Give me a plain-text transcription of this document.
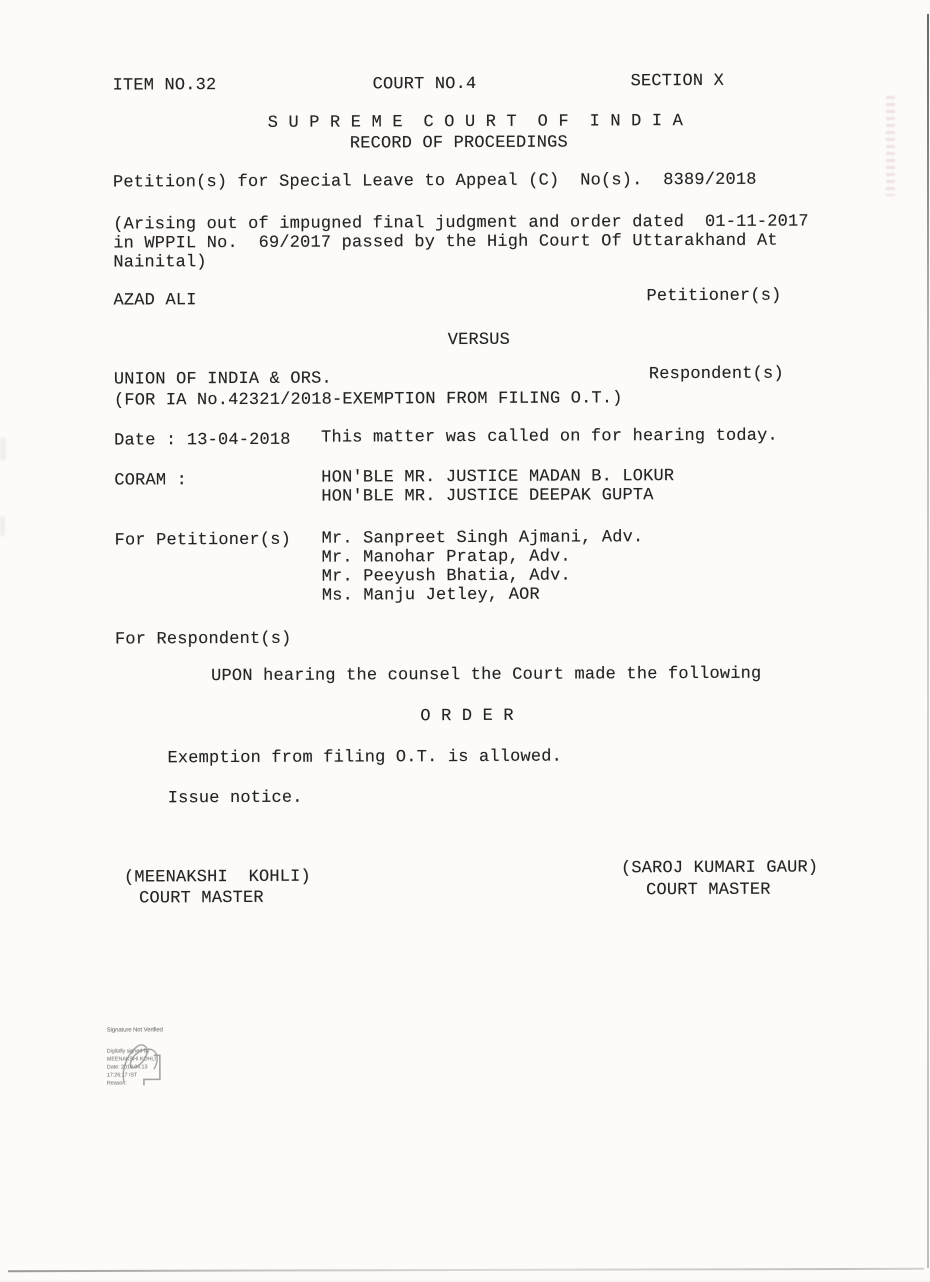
ITEM NO.32	COURT NO.4	SECTION X
S U P R E M E  C O U R T  O F  I N D I A
RECORD OF PROCEEDINGS
Petition(s) for Special Leave to Appeal (C)  No(s).  8389/2018
(Arising out of impugned final judgment and order dated  01-11-2017
in WPPIL No.  69/2017 passed by the High Court Of Uttarakhand At
Nainital)
AZAD ALI	Petitioner(s)
VERSUS
UNION OF INDIA & ORS.	Respondent(s)
(FOR IA No.42321/2018-EXEMPTION FROM FILING O.T.)
Date : 13-04-2018 This matter was called on for hearing today.
CORAM :	HON'BLE MR. JUSTICE MADAN B. LOKUR
HON'BLE MR. JUSTICE DEEPAK GUPTA
For Petitioner(s) Mr. Sanpreet Singh Ajmani, Adv.
Mr. Manohar Pratap, Adv.
Mr. Peeyush Bhatia, Adv.
Ms. Manju Jetley, AOR
For Respondent(s)
UPON hearing the counsel the Court made the following
O R D E R
Exemption from filing O.T. is allowed.
Issue notice.
(MEENAKSHI  KOHLI)
COURT MASTER
(SAROJ KUMARI GAUR)
COURT MASTER
Signature Not Verified
Digitally signed by
MEENAKSHI KOHLI
Date: 2018.04.13
17:26:17 IST
Reason:
